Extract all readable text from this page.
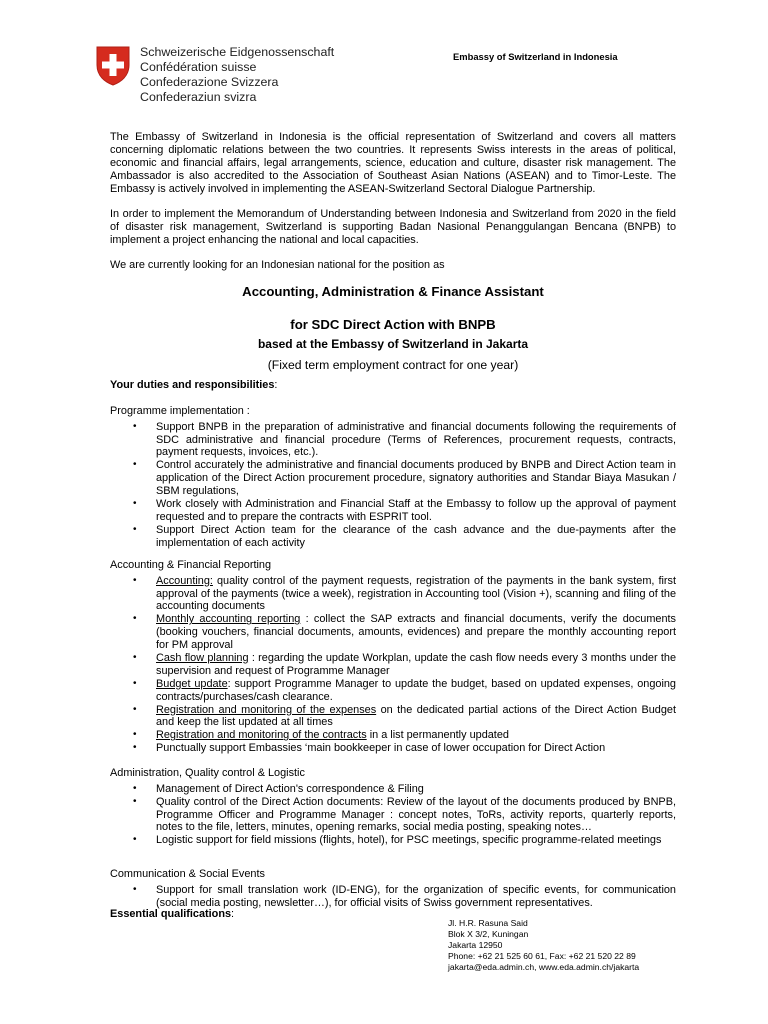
Schweizerische Eidgenossenschaft
Confédération suisse
Confederazione Svizzera
Confederaziun svizra
Embassy of Switzerland in Indonesia

The Embassy of Switzerland in Indonesia is the official representation of Switzerland and covers all matters concerning diplomatic relations between the two countries. It represents Swiss interests in the areas of political, economic and financial affairs, legal arrangements, science, education and culture, disaster risk management. The Ambassador is also accredited to the Association of Southeast Asian Nations (ASEAN) and to Timor-Leste. The Embassy is actively involved in implementing the ASEAN-Switzerland Sectoral Dialogue Partnership.

In order to implement the Memorandum of Understanding between Indonesia and Switzerland from 2020 in the field of disaster risk management, Switzerland is supporting Badan Nasional Penanggulangan Bencana (BNPB) to implement a project enhancing the national and local capacities.

We are currently looking for an Indonesian national for the position as

Accounting, Administration & Finance Assistant
for SDC Direct Action with BNPB
based at the Embassy of Switzerland in Jakarta
(Fixed term employment contract for one year)
Your duties and responsibilities:
Programme implementation :
• Support BNPB in the preparation of administrative and financial documents following the requirements of SDC administrative and financial procedure (Terms of References, procurement requests, contracts, payment requests, invoices, etc.).
• Control accurately the administrative and financial documents produced by BNPB and Direct Action team in application of the Direct Action procurement procedure, signatory authorities and Standar Biaya Masukan / SBM regulations,
• Work closely with Administration and Financial Staff at the Embassy to follow up the approval of payment requested and to prepare the contracts with ESPRIT tool.
• Support Direct Action team for the clearance of the cash advance and the due-payments after the implementation of each activity
Accounting & Financial Reporting
• Accounting: quality control of the payment requests, registration of the payments in the bank system, first approval of the payments (twice a week), registration in Accounting tool (Vision +), scanning and filing of the accounting documents
• Monthly accounting reporting : collect the SAP extracts and financial documents, verify the documents (booking vouchers, financial documents, amounts, evidences) and prepare the monthly accounting report for PM approval
• Cash flow planning : regarding the update Workplan, update the cash flow needs every 3 months under the supervision and request of Programme Manager
• Budget update: support Programme Manager to update the budget, based on updated expenses, ongoing contracts/purchases/cash clearance.
• Registration and monitoring of the expenses on the dedicated partial actions of the Direct Action Budget and keep the list updated at all times
• Registration and monitoring of the contracts in a list permanently updated
• Punctually support Embassies ‘main bookkeeper in case of lower occupation for Direct Action
Administration, Quality control & Logistic
• Management of Direct Action's correspondence & Filing
• Quality control of the Direct Action documents: Review of the layout of the documents produced by BNPB, Programme Officer and Programme Manager : concept notes, ToRs, activity reports, quarterly reports, notes to the file, letters, minutes, opening remarks, social media posting, speaking notes…
• Logistic support for field missions (flights, hotel), for PSC meetings, specific programme-related meetings
Communication & Social Events
• Support for small translation work (ID-ENG), for the organization of specific events, for communication (social media posting, newsletter…), for official visits of Swiss government representatives.
Essential qualifications:
Jl. H.R. Rasuna Said
Blok X 3/2, Kuningan
Jakarta 12950
Phone: +62 21 525 60 61, Fax: +62 21 520 22 89
jakarta@eda.admin.ch, www.eda.admin.ch/jakarta
